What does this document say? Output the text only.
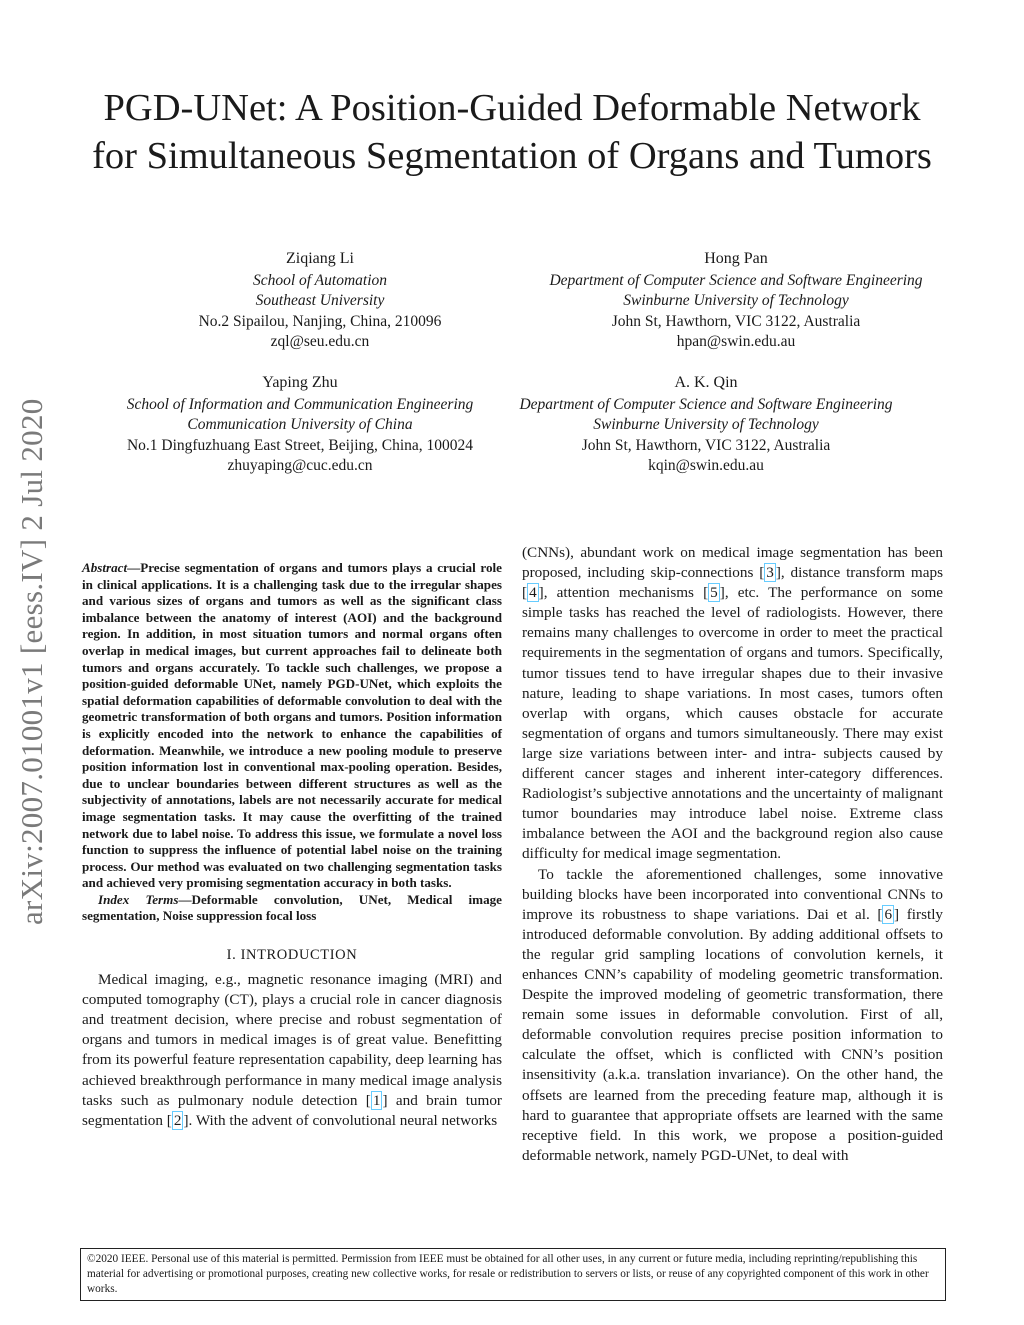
arXiv:2007.01001v1 [eess.IV] 2 Jul 2020
PGD-UNet: A Position-Guided Deformable Network for Simultaneous Segmentation of Organs and Tumors
Ziqiang Li
School of Automation
Southeast University
No.2 Sipailou, Nanjing, China, 210096
zql@seu.edu.cn
Hong Pan
Department of Computer Science and Software Engineering
Swinburne University of Technology
John St, Hawthorn, VIC 3122, Australia
hpan@swin.edu.au
Yaping Zhu
School of Information and Communication Engineering
Communication University of China
No.1 Dingfuzhuang East Street, Beijing, China, 100024
zhuyaping@cuc.edu.cn
A. K. Qin
Department of Computer Science and Software Engineering
Swinburne University of Technology
John St, Hawthorn, VIC 3122, Australia
kqin@swin.edu.au

Abstract—Precise segmentation of organs and tumors plays a crucial role in clinical applications. It is a challenging task due to the irregular shapes and various sizes of organs and tumors as well as the significant class imbalance between the anatomy of interest (AOI) and the background region. In addition, in most situation tumors and normal organs often overlap in medical images, but current approaches fail to delineate both tumors and organs accurately. To tackle such challenges, we propose a position-guided deformable UNet, namely PGD-UNet, which exploits the spatial deformation capabilities of deformable convolution to deal with the geometric transformation of both organs and tumors. Position information is explicitly encoded into the network to enhance the capabilities of deformation. Meanwhile, we introduce a new pooling module to preserve position information lost in conventional max-pooling operation. Besides, due to unclear boundaries between different structures as well as the subjectivity of annotations, labels are not necessarily accurate for medical image segmentation tasks. It may cause the overfitting of the trained network due to label noise. To address this issue, we formulate a novel loss function to suppress the influence of potential label noise on the training process. Our method was evaluated on two challenging segmentation tasks and achieved very promising segmentation accuracy in both tasks.

Index Terms—Deformable convolution, UNet, Medical image segmentation, Noise suppression focal loss

I. INTRODUCTION

Medical imaging, e.g., magnetic resonance imaging (MRI) and computed tomography (CT), plays a crucial role in cancer diagnosis and treatment decision, where precise and robust segmentation of organs and tumors in medical images is of great value. Benefitting from its powerful feature representation capability, deep learning has achieved breakthrough performance in many medical image analysis tasks such as pulmonary nodule detection [ 1 ] and brain tumor segmentation [ 2 ]. With the advent of convolutional neural networks

(CNNs), abundant work on medical image segmentation has been proposed, including skip-connections [ 3 ], distance transform maps [ 4 ], attention mechanisms [ 5 ], etc. The performance on some simple tasks has reached the level of radiologists. However, there remains many challenges to overcome in order to meet the practical requirements in the segmentation of organs and tumors. Specifically, tumor tissues tend to have irregular shapes due to their invasive nature, leading to shape variations. In most cases, tumors often overlap with organs, which causes obstacle for accurate segmentation of organs and tumors simultaneously. There may exist large size variations between inter- and intra- subjects caused by different cancer stages and inherent inter-category differences. Radiologist’s subjective annotations and the uncertainty of malignant tumor boundaries may introduce label noise. Extreme class imbalance between the AOI and the background region also cause difficulty for medical image segmentation.

To tackle the aforementioned challenges, some innovative building blocks have been incorporated into conventional CNNs to improve its robustness to shape variations. Dai et al. [ 6 ] firstly introduced deformable convolution. By adding additional offsets to the regular grid sampling locations of convolution kernels, it enhances CNN’s capability of modeling geometric transformation. Despite the improved modeling of geometric transformation, there remain some issues in deformable convolution. First of all, deformable convolution requires precise position information to calculate the offset, which is conflicted with CNN’s position insensitivity (a.k.a. translation invariance). On the other hand, the offsets are learned from the preceding feature map, although it is hard to guarantee that appropriate offsets are learned with the same receptive field. In this work, we propose a position-guided deformable network, namely PGD-UNet, to deal with

©2020 IEEE. Personal use of this material is permitted. Permission from IEEE must be obtained for all other uses, in any current or future media, including reprinting/republishing this material for advertising or promotional purposes, creating new collective works, for resale or redistribution to servers or lists, or reuse of any copyrighted component of this work in other works.
